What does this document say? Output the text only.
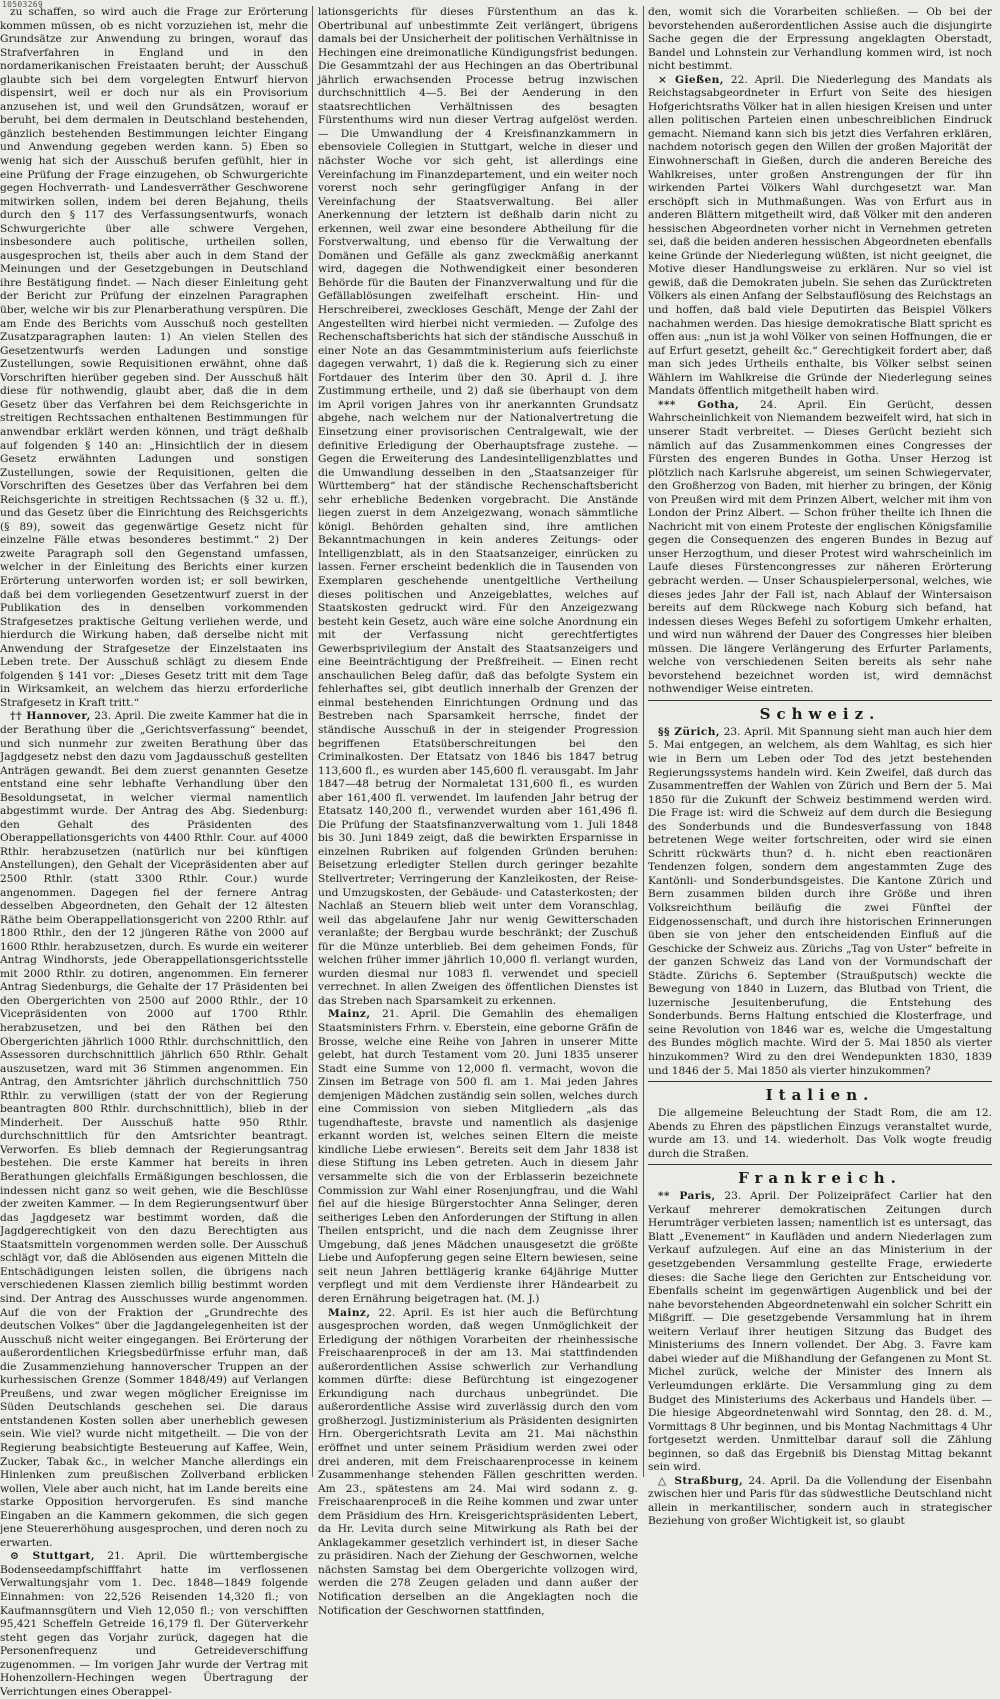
10503269

zu schaffen, so wird auch die Frage zur Erörterung kommen müssen, ob es nicht vorzuziehen ist, mehr die Grundsätze zur Anwendung zu bringen, worauf das Strafverfahren in England und in den nordamerikanischen Freistaaten beruht; der Ausschuß glaubte sich bei dem vorgelegten Entwurf hiervon dispensirt, weil er doch nur als ein Provisorium anzusehen ist, und weil den Grundsätzen, worauf er beruht, bei dem dermalen in Deutschland bestehenden, gänzlich bestehenden Bestimmungen leichter Eingang und Anwendung gegeben werden kann. 5) Eben so wenig hat sich der Ausschuß berufen gefühlt, hier in eine Prüfung der Frage einzugehen, ob Schwurgerichte gegen Hochverrath- und Landesverräther Geschworene mitwirken sollen, indem bei deren Bejahung, theils durch den § 117 des Verfassungsentwurfs, wonach Schwurgerichte über alle schwere Vergehen, insbesondere auch politische, urtheilen sollen, ausgesprochen ist, theils aber auch in dem Stand der Meinungen und der Gesetzgebungen in Deutschland ihre Bestätigung findet. — Nach dieser Einleitung geht der Bericht zur Prüfung der einzelnen Paragraphen über, welche wir bis zur Plenarberathung verspüren. Die am Ende des Berichts vom Ausschuß noch gestellten Zusatzparagraphen lauten: 1) An vielen Stellen des Gesetzentwurfs werden Ladungen und sonstige Zustellungen, sowie Requisitionen erwähnt, ohne daß Vorschriften hierüber gegeben sind. Der Ausschuß hält diese für nothwendig, glaubt aber, daß die in dem Gesetz über das Verfahren bei dem Reichsgerichte in streitigen Rechtssachen enthaltenen Bestimmungen für anwendbar erklärt werden können, und trägt deßhalb auf folgenden § 140 an: „Hinsichtlich der in diesem Gesetz erwähnten Ladungen und sonstigen Zustellungen, sowie der Requisitionen, gelten die Vorschriften des Gesetzes über das Verfahren bei dem Reichsgerichte in streitigen Rechtssachen (§ 32 u. ff.), und das Gesetz über die Einrichtung des Reichsgerichts (§ 89), soweit das gegenwärtige Gesetz nicht für einzelne Fälle etwas besonderes bestimmt.“ 2) Der zweite Paragraph soll den Gegenstand umfassen, welcher in der Einleitung des Berichts einer kurzen Erörterung unterworfen worden ist; er soll bewirken, daß bei dem vorliegenden Gesetzentwurf zuerst in der Publikation des in denselben vorkommenden Strafgesetzes praktische Geltung verliehen werde, und hierdurch die Wirkung haben, daß derselbe nicht mit Anwendung der Strafgesetze der Einzelstaaten ins Leben trete. Der Ausschuß schlägt zu diesem Ende folgenden § 141 vor: „Dieses Gesetz tritt mit dem Tage in Wirksamkeit, an welchem das hierzu erforderliche Strafgesetz in Kraft tritt.“

†† Hannover, 23. April. Die zweite Kammer hat die in der Berathung über die „Gerichtsverfassung“ beendet, und sich nunmehr zur zweiten Berathung über das Jagdgesetz nebst den dazu vom Jagdausschuß gestellten Anträgen gewandt. Bei dem zuerst genannten Gesetze entstand eine sehr lebhafte Verhandlung über den Besoldungsetat, in welcher viermal namentlich abgestimmt wurde. Der Antrag des Abg. Siedenburg: den Gehalt des Präsidenten des Oberappellationsgerichts von 4400 Rthlr. Cour. auf 4000 Rthlr. herabzusetzen (natürlich nur bei künftigen Anstellungen), den Gehalt der Vicepräsidenten aber auf 2500 Rthlr. (statt 3300 Rthlr. Cour.) wurde angenommen. Dagegen fiel der fernere Antrag desselben Abgeordneten, den Gehalt der 12 ältesten Räthe beim Oberappellationsgericht von 2200 Rthlr. auf 1800 Rthlr., den der 12 jüngeren Räthe von 2000 auf 1600 Rthlr. herabzusetzen, durch. Es wurde ein weiterer Antrag Windhorsts, jede Oberappellationsgerichtsstelle mit 2000 Rthlr. zu dotiren, angenommen. Ein fernerer Antrag Siedenburgs, die Gehalte der 17 Präsidenten bei den Obergerichten von 2500 auf 2000 Rthlr., der 10 Vicepräsidenten von 2000 auf 1700 Rthlr. herabzusetzen, und bei den Räthen bei den Obergerichten jährlich 1000 Rthlr. durchschnittlich, den Assessoren durchschnittlich jährlich 650 Rthlr. Gehalt auszusetzen, ward mit 36 Stimmen angenommen. Ein Antrag, den Amtsrichter jährlich durchschnittlich 750 Rthlr. zu verwilligen (statt der von der Regierung beantragten 800 Rthlr. durchschnittlich), blieb in der Minderheit. Der Ausschuß hatte 950 Rthlr. durchschnittlich für den Amtsrichter beantragt. Verworfen. Es blieb demnach der Regierungsantrag bestehen. Die erste Kammer hat bereits in ihren Berathungen gleichfalls Ermäßigungen beschlossen, die indessen nicht ganz so weit gehen, wie die Beschlüsse der zweiten Kammer. — In dem Regierungsentwurf über das Jagdgesetz war bestimmt worden, daß die Jagdgerechtigkeit von den dazu Berechtigten aus Staatsmitteln vorgenommen werden solle. Der Ausschuß schlägt vor, daß die Ablösenden aus eigenen Mitteln die Entschädigungen leisten sollen, die übrigens nach verschiedenen Klassen ziemlich billig bestimmt worden sind. Der Antrag des Ausschusses wurde angenommen. Auf die von der Fraktion der „Grundrechte des deutschen Volkes“ über die Jagdangelegenheiten ist der Ausschuß nicht weiter eingegangen. Bei Erörterung der außerordentlichen Kriegsbedürfnisse erfuhr man, daß die Zusammenziehung hannoverscher Truppen an der kurhessischen Grenze (Sommer 1848/49) auf Verlangen Preußens, und zwar wegen möglicher Ereignisse im Süden Deutschlands geschehen sei. Die daraus entstandenen Kosten sollen aber unerheblich gewesen sein. Wie viel? wurde nicht mitgetheilt. — Die von der Regierung beabsichtigte Besteuerung auf Kaffee, Wein, Zucker, Tabak &c., in welcher Manche allerdings ein Hinlenken zum preußischen Zollverband erblicken wollen, Viele aber auch nicht, hat im Lande bereits eine starke Opposition hervorgerufen. Es sind manche Eingaben an die Kammern gekommen, die sich gegen jene Steuererhöhung ausgesprochen, und deren noch zu erwarten.

⊙ Stuttgart, 21. April. Die württembergische Bodenseedampfschifffahrt hatte im verflossenen Verwaltungsjahr vom 1. Dec. 1848—1849 folgende Einnahmen: von 22,526 Reisenden 14,320 fl.; von Kaufmannsgütern und Vieh 12,050 fl.; von verschifften 95,421 Scheffeln Getreide 16,179 fl. Der Güterverkehr steht gegen das Vorjahr zurück, dagegen hat die Personenfrequenz und Getreideverschiffung zugenommen. — Im vorigen Jahr wurde der Vertrag mit Hohenzollern-Hechingen wegen Übertragung der Verrichtungen eines Oberappel-

lationsgerichts für dieses Fürstenthum an das k. Obertribunal auf unbestimmte Zeit verlängert, übrigens damals bei der Unsicherheit der politischen Verhältnisse in Hechingen eine dreimonatliche Kündigungsfrist bedungen. Die Gesammtzahl der aus Hechingen an das Obertribunal jährlich erwachsenden Processe betrug inzwischen durchschnittlich 4—5. Bei der Aenderung in den staatsrechtlichen Verhältnissen des besagten Fürstenthums wird nun dieser Vertrag aufgelöst werden. — Die Umwandlung der 4 Kreisfinanzkammern in ebensoviele Collegien in Stuttgart, welche in dieser und nächster Woche vor sich geht, ist allerdings eine Vereinfachung im Finanzdepartement, und ein weiter noch vorerst noch sehr geringfügiger Anfang in der Vereinfachung der Staatsverwaltung. Bei aller Anerkennung der letztern ist deßhalb darin nicht zu erkennen, weil zwar eine besondere Abtheilung für die Forstverwaltung, und ebenso für die Verwaltung der Domänen und Gefälle als ganz zweckmäßig anerkannt wird, dagegen die Nothwendigkeit einer besonderen Behörde für die Bauten der Finanzverwaltung und für die Gefällablösungen zweifelhaft erscheint. Hin- und Herschreiberei, zweckloses Geschäft, Menge der Zahl der Angestellten wird hierbei nicht vermieden. — Zufolge des Rechenschaftsberichts hat sich der ständische Ausschuß in einer Note an das Gesammtministerium aufs feierlichste dagegen verwahrt, 1) daß die k. Regierung sich zu einer Fortdauer des Interim über den 30. April d. J. ihre Zustimmung ertheile, und 2) daß sie überhaupt von dem im April vorigen Jahres von ihr anerkannten Grundsatz abgehe, nach welchem nur der Nationalvertretung die Einsetzung einer provisorischen Centralgewalt, wie der definitive Erledigung der Oberhauptsfrage zustehe. — Gegen die Erweiterung des Landesintelligenzblattes und die Umwandlung desselben in den „Staatsanzeiger für Württemberg“ hat der ständische Rechenschaftsbericht sehr erhebliche Bedenken vorgebracht. Die Anstände liegen zuerst in dem Anzeigezwang, wonach sämmtliche königl. Behörden gehalten sind, ihre amtlichen Bekanntmachungen in kein anderes Zeitungs- oder Intelligenzblatt, als in den Staatsanzeiger, einrücken zu lassen. Ferner erscheint bedenklich die in Tausenden von Exemplaren geschehende unentgeltliche Vertheilung dieses politischen und Anzeigeblattes, welches auf Staatskosten gedruckt wird. Für den Anzeigezwang besteht kein Gesetz, auch wäre eine solche Anordnung ein mit der Verfassung nicht gerechtfertigtes Gewerbsprivilegium der Anstalt des Staatsanzeigers und eine Beeinträchtigung der Preßfreiheit. — Einen recht anschaulichen Beleg dafür, daß das befolgte System ein fehlerhaftes sei, gibt deutlich innerhalb der Grenzen der einmal bestehenden Einrichtungen Ordnung und das Bestreben nach Sparsamkeit herrsche, findet der ständische Ausschuß in der in steigender Progression begriffenen Etatsüberschreitungen bei den Criminalkosten. Der Etatsatz von 1846 bis 1847 betrug 113,600 fl., es wurden aber 145,600 fl. verausgabt. Im Jahr 1847—48 betrug der Normaletat 131,600 fl., es wurden aber 161,400 fl. verwendet. Im laufenden Jahr betrug der Etatsatz 140,200 fl., verwendet wurden aber 161,496 fl. Die Prüfung der Staatsfinanzverwaltung vom 1. Juli 1848 bis 30. Juni 1849 zeigt, daß die bewirkten Ersparnisse in einzelnen Rubriken auf folgenden Gründen beruhen: Beisetzung erledigter Stellen durch geringer bezahlte Stellvertreter; Verringerung der Kanzleikosten, der Reise- und Umzugskosten, der Gebäude- und Catasterkosten; der Nachlaß an Steuern blieb weit unter dem Voranschlag, weil das abgelaufene Jahr nur wenig Gewitterschaden veranlaßte; der Bergbau wurde beschränkt; der Zuschuß für die Münze unterblieb. Bei dem geheimen Fonds, für welchen früher immer jährlich 10,000 fl. verlangt wurden, wurden diesmal nur 1083 fl. verwendet und speciell verrechnet. In allen Zweigen des öffentlichen Dienstes ist das Streben nach Sparsamkeit zu erkennen.

Mainz, 21. April. Die Gemahlin des ehemaligen Staatsministers Frhrn. v. Eberstein, eine geborne Gräfin de Brosse, welche eine Reihe von Jahren in unserer Mitte gelebt, hat durch Testament vom 20. Juni 1835 unserer Stadt eine Summe von 12,000 fl. vermacht, wovon die Zinsen im Betrage von 500 fl. am 1. Mai jeden Jahres demjenigen Mädchen zuständig sein sollen, welches durch eine Commission von sieben Mitgliedern „als das tugendhafteste, bravste und namentlich als dasjenige erkannt worden ist, welches seinen Eltern die meiste kindliche Liebe erwiesen“. Bereits seit dem Jahr 1838 ist diese Stiftung ins Leben getreten. Auch in diesem Jahr versammelte sich die von der Erblasserin bezeichnete Commission zur Wahl einer Rosenjungfrau, und die Wahl fiel auf die hiesige Bürgerstochter Anna Selinger, deren seitheriges Leben den Anforderungen der Stiftung in allen Theilen entspricht, und die nach dem Zeugnisse ihrer Umgebung, daß jenes Mädchen unausgesetzt die größte Liebe und Aufopferung gegen seine Eltern bewiesen, seine seit neun Jahren bettlägerig kranke 64jährige Mutter verpflegt und mit dem Verdienste ihrer Händearbeit zu deren Ernährung beigetragen hat. (M. J.)

Mainz, 22. April. Es ist hier auch die Befürchtung ausgesprochen worden, daß wegen Unmöglichkeit der Erledigung der nöthigen Vorarbeiten der rheinhessische Freischaarenproceß in der am 13. Mai stattfindenden außerordentlichen Assise schwerlich zur Verhandlung kommen dürfte: diese Befürchtung ist eingezogener Erkundigung nach durchaus unbegründet. Die außerordentliche Assise wird zuverlässig durch den vom großherzogl. Justizministerium als Präsidenten designirten Hrn. Obergerichtsrath Levita am 21. Mai nächsthin eröffnet und unter seinem Präsidium werden zwei oder drei anderen, mit dem Freischaarenprocesse in keinem Zusammenhange stehenden Fällen geschritten werden. Am 23., spätestens am 24. Mai wird sodann z. g. Freischaarenproceß in die Reihe kommen und zwar unter dem Präsidium des Hrn. Kreisgerichtspräsidenten Lebert, da Hr. Levita durch seine Mitwirkung als Rath bei der Anklagekammer gesetzlich verhindert ist, in dieser Sache zu präsidiren. Nach der Ziehung der Geschwornen, welche nächsten Samstag bei dem Obergerichte vollzogen wird, werden die 278 Zeugen geladen und dann außer der Notification derselben an die Angeklagten noch die Notification der Geschwornen stattfinden,

den, womit sich die Vorarbeiten schließen. — Ob bei der bevorstehenden außerordentlichen Assise auch die disjungirte Sache gegen die der Erpressung angeklagten Oberstadt, Bandel und Lohnstein zur Verhandlung kommen wird, ist noch nicht bestimmt.

× Gießen, 22. April. Die Niederlegung des Mandats als Reichstagsabgeordneter in Erfurt von Seite des hiesigen Hofgerichtsraths Völker hat in allen hiesigen Kreisen und unter allen politischen Parteien einen unbeschreiblichen Eindruck gemacht. Niemand kann sich bis jetzt dies Verfahren erklären, nachdem notorisch gegen den Willen der großen Majorität der Einwohnerschaft in Gießen, durch die anderen Bereiche des Wahlkreises, unter großen Anstrengungen der für ihn wirkenden Partei Völkers Wahl durchgesetzt war. Man erschöpft sich in Muthmaßungen. Was von Erfurt aus in anderen Blättern mitgetheilt wird, daß Völker mit den anderen hessischen Abgeordneten vorher nicht in Vernehmen getreten sei, daß die beiden anderen hessischen Abgeordneten ebenfalls keine Gründe der Niederlegung wüßten, ist nicht geeignet, die Motive dieser Handlungsweise zu erklären. Nur so viel ist gewiß, daß die Demokraten jubeln. Sie sehen das Zurücktreten Völkers als einen Anfang der Selbstauflösung des Reichstags an und hoffen, daß bald viele Deputirten das Beispiel Völkers nachahmen werden. Das hiesige demokratische Blatt spricht es offen aus: „nun ist ja wohl Völker von seinen Hoffnungen, die er auf Erfurt gesetzt, geheilt &c.“ Gerechtigkeit fordert aber, daß man sich jedes Urtheils enthalte, bis Völker selbst seinen Wählern im Wahlkreise die Gründe der Niederlegung seines Mandats öffentlich mitgetheilt haben wird.

*** Gotha, 24. April. Ein Gerücht, dessen Wahrscheinlichkeit von Niemandem bezweifelt wird, hat sich in unserer Stadt verbreitet. — Dieses Gerücht bezieht sich nämlich auf das Zusammenkommen eines Congresses der Fürsten des engeren Bundes in Gotha. Unser Herzog ist plötzlich nach Karlsruhe abgereist, um seinen Schwiegervater, den Großherzog von Baden, mit hierher zu bringen, der König von Preußen wird mit dem Prinzen Albert, welcher mit ihm von London der Prinz Albert. — Schon früher theilte ich Ihnen die Nachricht mit von einem Proteste der englischen Königsfamilie gegen die Consequenzen des engeren Bundes in Bezug auf unser Herzogthum, und dieser Protest wird wahrscheinlich im Laufe dieses Fürstencongresses zur näheren Erörterung gebracht werden. — Unser Schauspielerpersonal, welches, wie dieses jedes Jahr der Fall ist, nach Ablauf der Wintersaison bereits auf dem Rückwege nach Koburg sich befand, hat indessen dieses Weges Befehl zu sofortigem Umkehr erhalten, und wird nun während der Dauer des Congresses hier bleiben müssen. Die längere Verlängerung des Erfurter Parlaments, welche von verschiedenen Seiten bereits als sehr nahe bevorstehend bezeichnet worden ist, wird demnächst nothwendiger Weise eintreten.

Schweiz.

§§ Zürich, 23. April. Mit Spannung sieht man auch hier dem 5. Mai entgegen, an welchem, als dem Wahltag, es sich hier wie in Bern um Leben oder Tod des jetzt bestehenden Regierungssystems handeln wird. Kein Zweifel, daß durch das Zusammentreffen der Wahlen von Zürich und Bern der 5. Mai 1850 für die Zukunft der Schweiz bestimmend werden wird. Die Frage ist: wird die Schweiz auf dem durch die Besiegung des Sonderbunds und die Bundesverfassung von 1848 betretenen Wege weiter fortschreiten, oder wird sie einen Schritt rückwärts thun? d. h. nicht eben reactionären Tendenzen folgen, sondern dem angestammten Zuge des Kantönli- und Sonderbundsgeistes. Die Kantone Zürich und Bern zusammen bilden durch ihre Größe und ihren Volksreichthum beiläufig die zwei Fünftel der Eidgenossenschaft, und durch ihre historischen Erinnerungen üben sie von jeher den entscheidenden Einfluß auf die Geschicke der Schweiz aus. Zürichs „Tag von Uster“ befreite in der ganzen Schweiz das Land von der Vormundschaft der Städte. Zürichs 6. September (Straußputsch) weckte die Bewegung von 1840 in Luzern, das Blutbad von Trient, die luzernische Jesuitenberufung, die Entstehung des Sonderbunds. Berns Haltung entschied die Klosterfrage, und seine Revolution von 1846 war es, welche die Umgestaltung des Bundes möglich machte. Wird der 5. Mai 1850 als vierter hinzukommen? Wird zu den drei Wendepunkten 1830, 1839 und 1846 der 5. Mai 1850 als vierter hinzukommen?

Italien.

Die allgemeine Beleuchtung der Stadt Rom, die am 12. Abends zu Ehren des päpstlichen Einzugs veranstaltet wurde, wurde am 13. und 14. wiederholt. Das Volk wogte freudig durch die Straßen.

Frankreich.

** Paris, 23. April. Der Polizeipräfect Carlier hat den Verkauf mehrerer demokratischen Zeitungen durch Herumträger verbieten lassen; namentlich ist es untersagt, das Blatt „Evenement“ in Kaufläden und andern Niederlagen zum Verkauf aufzulegen. Auf eine an das Ministerium in der gesetzgebenden Versammlung gestellte Frage, erwiederte dieses: die Sache liege den Gerichten zur Entscheidung vor. Ebenfalls scheint im gegenwärtigen Augenblick und bei der nahe bevorstehenden Abgeordnetenwahl ein solcher Schritt ein Mißgriff. — Die gesetzgebende Versammlung hat in ihrem weitern Verlauf ihrer heutigen Sitzung das Budget des Ministeriums des Innern vollendet. Der Abg. 3. Favre kam dabei wieder auf die Mißhandlung der Gefangenen zu Mont St. Michel zurück, welche der Minister des Innern als Verleumdungen erklärte. Die Versammlung ging zu dem Budget des Ministeriums des Ackerbaus und Handels über. — Die hiesige Abgeordnetenwahl wird Sonntag, den 28. d. M., Vormittags 8 Uhr beginnen, und bis Montag Nachmittags 4 Uhr fortgesetzt werden. Unmittelbar darauf soll die Zählung beginnen, so daß das Ergebniß bis Dienstag Mittag bekannt sein wird.

△ Straßburg, 24. April. Da die Vollendung der Eisenbahn zwischen hier und Paris für das südwestliche Deutschland nicht allein in merkantilischer, sondern auch in strategischer Beziehung von großer Wichtigkeit ist, so glaubt
